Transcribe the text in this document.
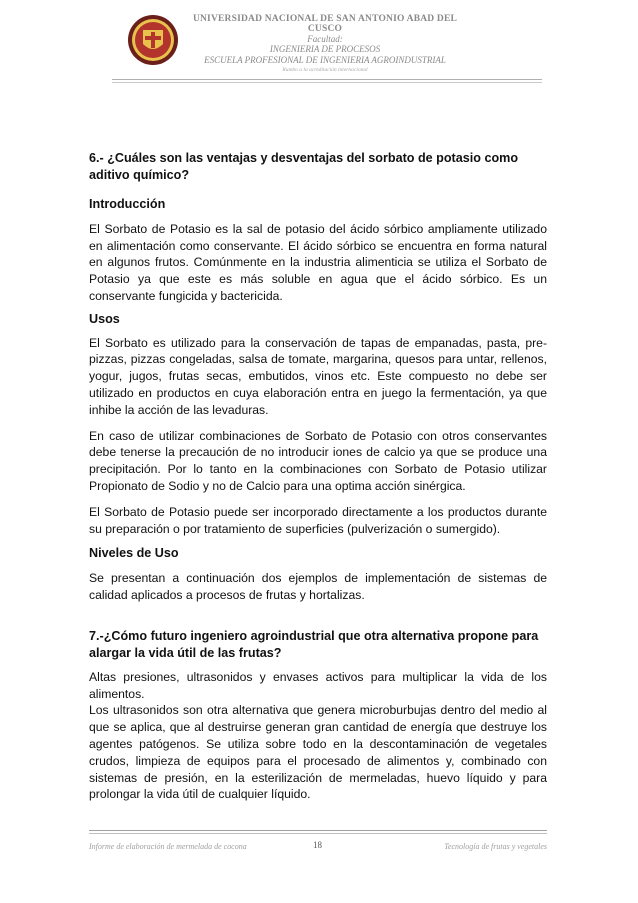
UNIVERSIDAD NACIONAL DE SAN ANTONIO ABAD DEL CUSCO
Facultad:
INGENIERIA DE PROCESOS
ESCUELA PROFESIONAL DE INGENIERIA AGROINDUSTRIAL
Rumbo a la acreditación internacional

6.- ¿Cuáles son las ventajas y desventajas del sorbato de potasio como aditivo químico?

Introducción

El Sorbato de Potasio es la sal de potasio del ácido sórbico ampliamente utilizado en alimentación como conservante. El ácido sórbico se encuentra en forma natural en algunos frutos. Comúnmente en la industria alimenticia se utiliza el Sorbato de Potasio ya que este es más soluble en agua que el ácido sórbico. Es un conservante fungicida y bactericida.

Usos

El Sorbato es utilizado para la conservación de tapas de empanadas, pasta, pre-pizzas, pizzas congeladas, salsa de tomate, margarina, quesos para untar, rellenos, yogur, jugos, frutas secas, embutidos, vinos etc. Este compuesto no debe ser utilizado en productos en cuya elaboración entra en juego la fermentación, ya que inhibe la acción de las levaduras.

En caso de utilizar combinaciones de Sorbato de Potasio con otros conservantes debe tenerse la precaución de no introducir iones de calcio ya que se produce una precipitación. Por lo tanto en la combinaciones con Sorbato de Potasio utilizar Propionato de Sodio y no de Calcio para una optima acción sinérgica.

El Sorbato de Potasio puede ser incorporado directamente a los productos durante su preparación o por tratamiento de superficies (pulverización o sumergido).

Niveles de Uso

Se presentan a continuación dos ejemplos de implementación de sistemas de calidad aplicados a procesos de frutas y hortalizas.

7.-¿Cómo futuro ingeniero agroindustrial que otra alternativa propone para alargar la vida útil de las frutas?

Altas presiones, ultrasonidos y envases activos para multiplicar la vida de los alimentos.

Los ultrasonidos son otra alternativa que genera microburbujas dentro del medio al que se aplica, que al destruirse generan gran cantidad de energía que destruye los agentes patógenos. Se utiliza sobre todo en la descontaminación de vegetales crudos, limpieza de equipos para el procesado de alimentos y, combinado con sistemas de presión, en la esterilización de mermeladas, huevo líquido y para prolongar la vida útil de cualquier líquido.

Informe de elaboración de mermelada de cocona	18	Tecnología de frutas y vegetales
